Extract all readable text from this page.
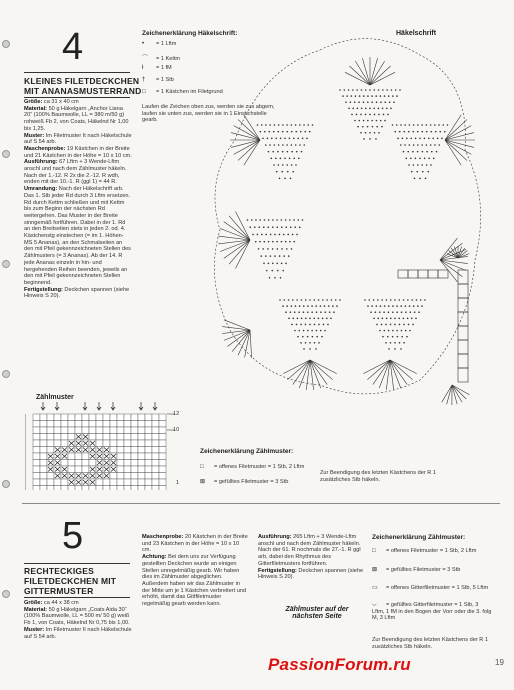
4
KLEINES FILETDECKCHEN
MIT ANANASMUSTERRAND
Größe: ca 31 x 40 cm
Material: 50 g Häkelgarn „Anchor Liana 20“ (100% Baumwolle, LL = 380 m/50 g) rohweiß Fb 2, von Coats, Häkelnd Nr 1,00 bis 1,25.
Muster: Im Filetmuster It nach Häkelschule auf S 54 arb.
Maschenprobe: 19 Kästchen in der Breite und 21 Kästchen in der Höhe = 10 x 10 cm.
Ausführung: 67 Lftm + 3 Wende-Lftm anschl und nach dem Zählmuster häkeln. Nach der 1.-12. R 2x die 2.-12. R wdh, enden mit der 10.-1. R (ggl 1) = 44 R.
Umrandung: Nach der Häkelschrift arb. Das 1. Stb jeder Rd durch 3 Lftm ersetzen. Rd durch Kettm schließen und mit Kettm bis zum Beginn der nächsten Rd weitergehen. Das Muster in der Breite sinngemäß fortführen. Dabei in der 1. Rd an den Breitseiten stets in jeden 2. od. 4. Kästchenstg einstechen (= im 1. Höhen-MS 5 Ananas), an den Schmalseiten an den mit Pfeil gekennzeichneten Stellen des Zählmusters (= 3 Ananas). Ab der 14. R jede Ananas einzeln in hin- und hergehenden Reihen beenden, jeweils an den mit Pfeil gekennzeichneten Stellen beginnend.
Fertigstellung: Deckchen spannen (siehe Hinweis S 20).
Zeichenerklärung Häkelschrift:
• = 1 Lftm
⌒ = 1 Kettm
ł = 1 fM
† = 1 Stb
□ = 1 Kästchen im Filetgrund
Laufen die Zeichen oben zus, werden sie zus abgem, laufen sie unten zus, werden sie in 1 Einstichstelle gearb.
Häkelschrift
Zählmuster
12
10
1
Zeichenerklärung Zählmuster:
□ = offenes Filetmuster = 1 Stb, 2 Lftm
⊠ = gefülltes Filetmuster = 3 Stb
Zur Beendigung des letzten Kästchens der R 1 zusätzliches Stb häkeln.
5
RECHTECKIGES
FILETDECKCHEN MIT
GITTERMUSTER
Größe: ca 44 x 38 cm
Material: 50 g Häkelgarn „Coats Aida 30“ (100% Baumwolle, LL = 500 m/ 50 g) weiß Fb 1, von Coats, Häkelnd Nr 0,75 bis 1,00.
Muster: Im Filetmuster II nach Häkelschule auf S 54 arb.
Maschenprobe: 20 Kästchen in der Breite und 23 Kästchen in der Höhe = 10 x 10 cm.
Achtung: Bei dem uns zur Verfügung gestellten Deckchen wurde an einigen Stellen unregelmäßig gearb. Wir haben dies im Zählmuster abgeglichen. Außerdem haben wir das Zählmuster in der Mitte um je 1 Kästchen verbreitert und erhöht, damit das Gittfiletmuster regelmäßig gearb werden kann.
Ausführung: 265 Lftm + 3 Wende-Lftm anschl und nach dem Zählmuster häkeln. Nach der 61. R nochmals die 27.-1. R ggl arb, dabei den Rhythmus des Gitterfiletmusters fortführen.
Fertigstellung: Deckchen spannen (siehe Hinweis S 20).
Zählmuster auf der nächsten Seite
Zeichenerklärung Zählmuster:
□ = offenes Filetmuster = 1 Stb, 2 Lftm
⊠ = gefülltes Filetmuster = 3 Stb
▭ = offenes Gitterfiletmuster = 1 Stb, 5 Lftm
⌵ = gefülltes Gitterfiletmuster = 1 Stb, 3 Lftm, 1 fM in den Bogen der Vorr oder die 3. folg M, 3 Lftm
Zur Beendigung des letzten Kästchens der R 1 zusätzliches Stb häkeln.
PassionForum.ru	19
